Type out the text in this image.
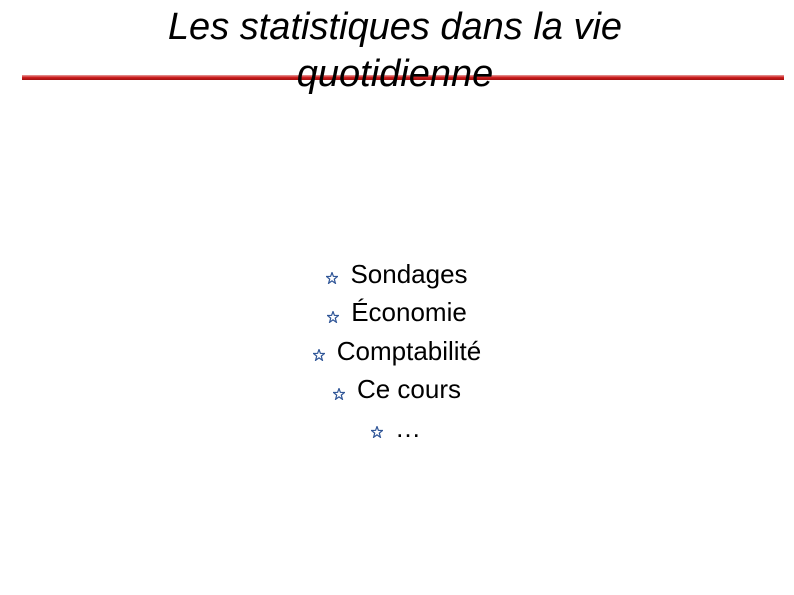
Les statistiques dans la vie quotidienne
Sondages
Économie
Comptabilité
Ce cours
…
